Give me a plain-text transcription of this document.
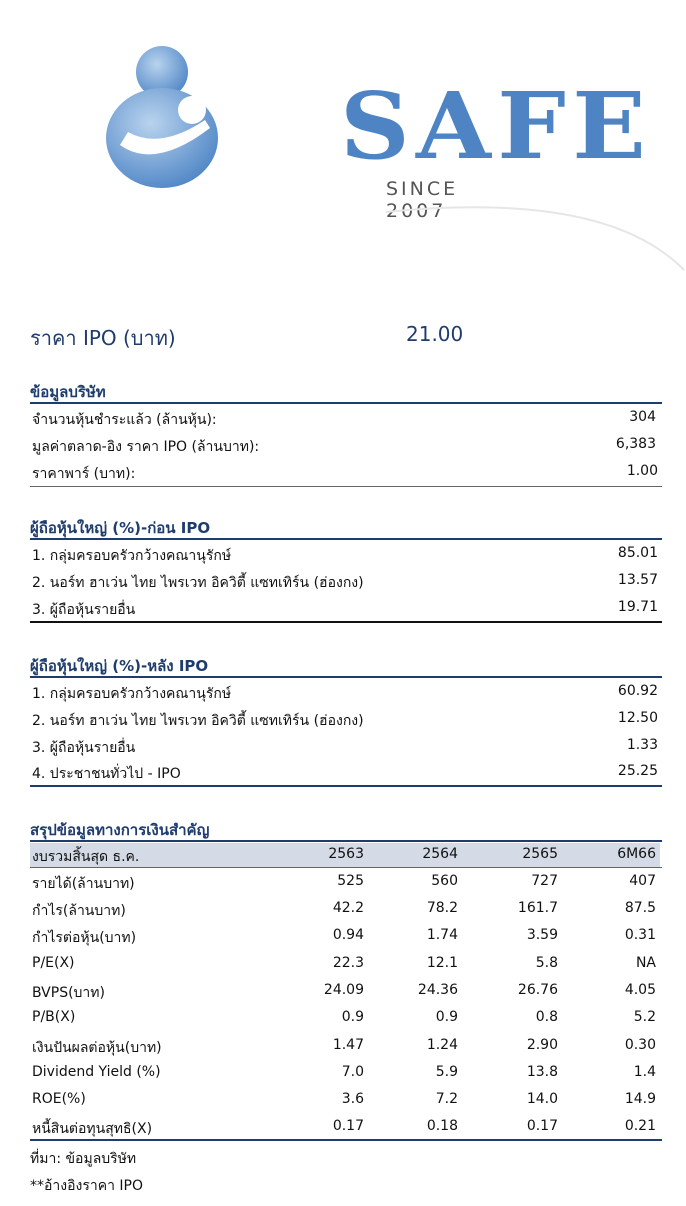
SAFE
SINCE 2007
ราคา IPO (บาท)	21.00
ข้อมูลบริษัท
จำนวนหุ้นชำระแล้ว (ล้านหุ้น):	304
มูลค่าตลาด-อิง ราคา IPO (ล้านบาท):	6,383
ราคาพาร์ (บาท):	1.00
ผู้ถือหุ้นใหญ่ (%)-ก่อน IPO
1. กลุ่มครอบครัวกว้างคณานุรักษ์	85.01
2. นอร์ท ฮาเว่น ไทย ไพรเวท อิควิตี้ แซทเทิร์น (ฮ่องกง)	13.57
3. ผู้ถือหุ้นรายอื่น	19.71
ผู้ถือหุ้นใหญ่ (%)-หลัง IPO
1. กลุ่มครอบครัวกว้างคณานุรักษ์	60.92
2. นอร์ท ฮาเว่น ไทย ไพรเวท อิควิตี้ แซทเทิร์น (ฮ่องกง)	12.50
3. ผู้ถือหุ้นรายอื่น	1.33
4. ประชาชนทั่วไป - IPO	25.25
สรุปข้อมูลทางการเงินสำคัญ
งบรวมสิ้นสุด ธ.ค.	2563	2564	2565	6M66
รายได้(ล้านบาท)	525	560	727	407
กำไร(ล้านบาท)	42.2	78.2	161.7	87.5
กำไรต่อหุ้น(บาท)	0.94	1.74	3.59	0.31
P/E(X)	22.3	12.1	5.8	NA
BVPS(บาท)	24.09	24.36	26.76	4.05
P/B(X)	0.9	0.9	0.8	5.2
เงินปันผลต่อหุ้น(บาท)	1.47	1.24	2.90	0.30
Dividend Yield (%)	7.0	5.9	13.8	1.4
ROE(%)	3.6	7.2	14.0	14.9
หนี้สินต่อทุนสุทธิ(X)	0.17	0.18	0.17	0.21
ที่มา: ข้อมูลบริษัท
**อ้างอิงราคา IPO
